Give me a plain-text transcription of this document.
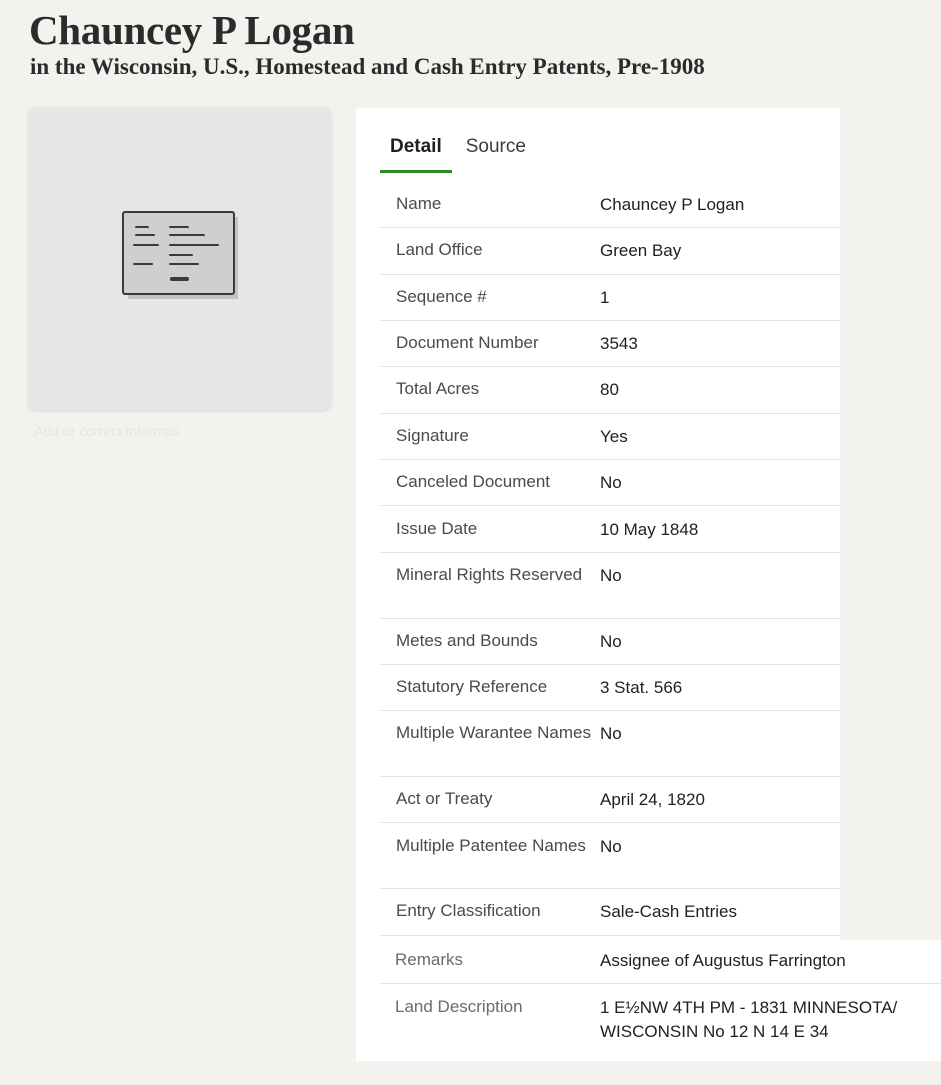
Chauncey P Logan
in the Wisconsin, U.S., Homestead and Cash Entry Patents, Pre-1908
Add or correct informati
Detail	Source
Name	Chauncey P Logan
Land Office	Green Bay
Sequence #	1
Document Number	3543
Total Acres	80
Signature	Yes
Canceled Document	No
Issue Date	10 May 1848
Mineral Rights Reserved	No
Metes and Bounds	No
Statutory Reference	3 Stat. 566
Multiple Warantee Names No
Act or Treaty	April 24, 1820
Multiple Patentee Names No
Entry Classification	Sale-Cash Entries
Remarks	Assignee of Augustus Farrington
Land Description	1 E½NW 4TH PM - 1831 MINNESOTA/ WISCONSIN No 12 N 14 E 34
